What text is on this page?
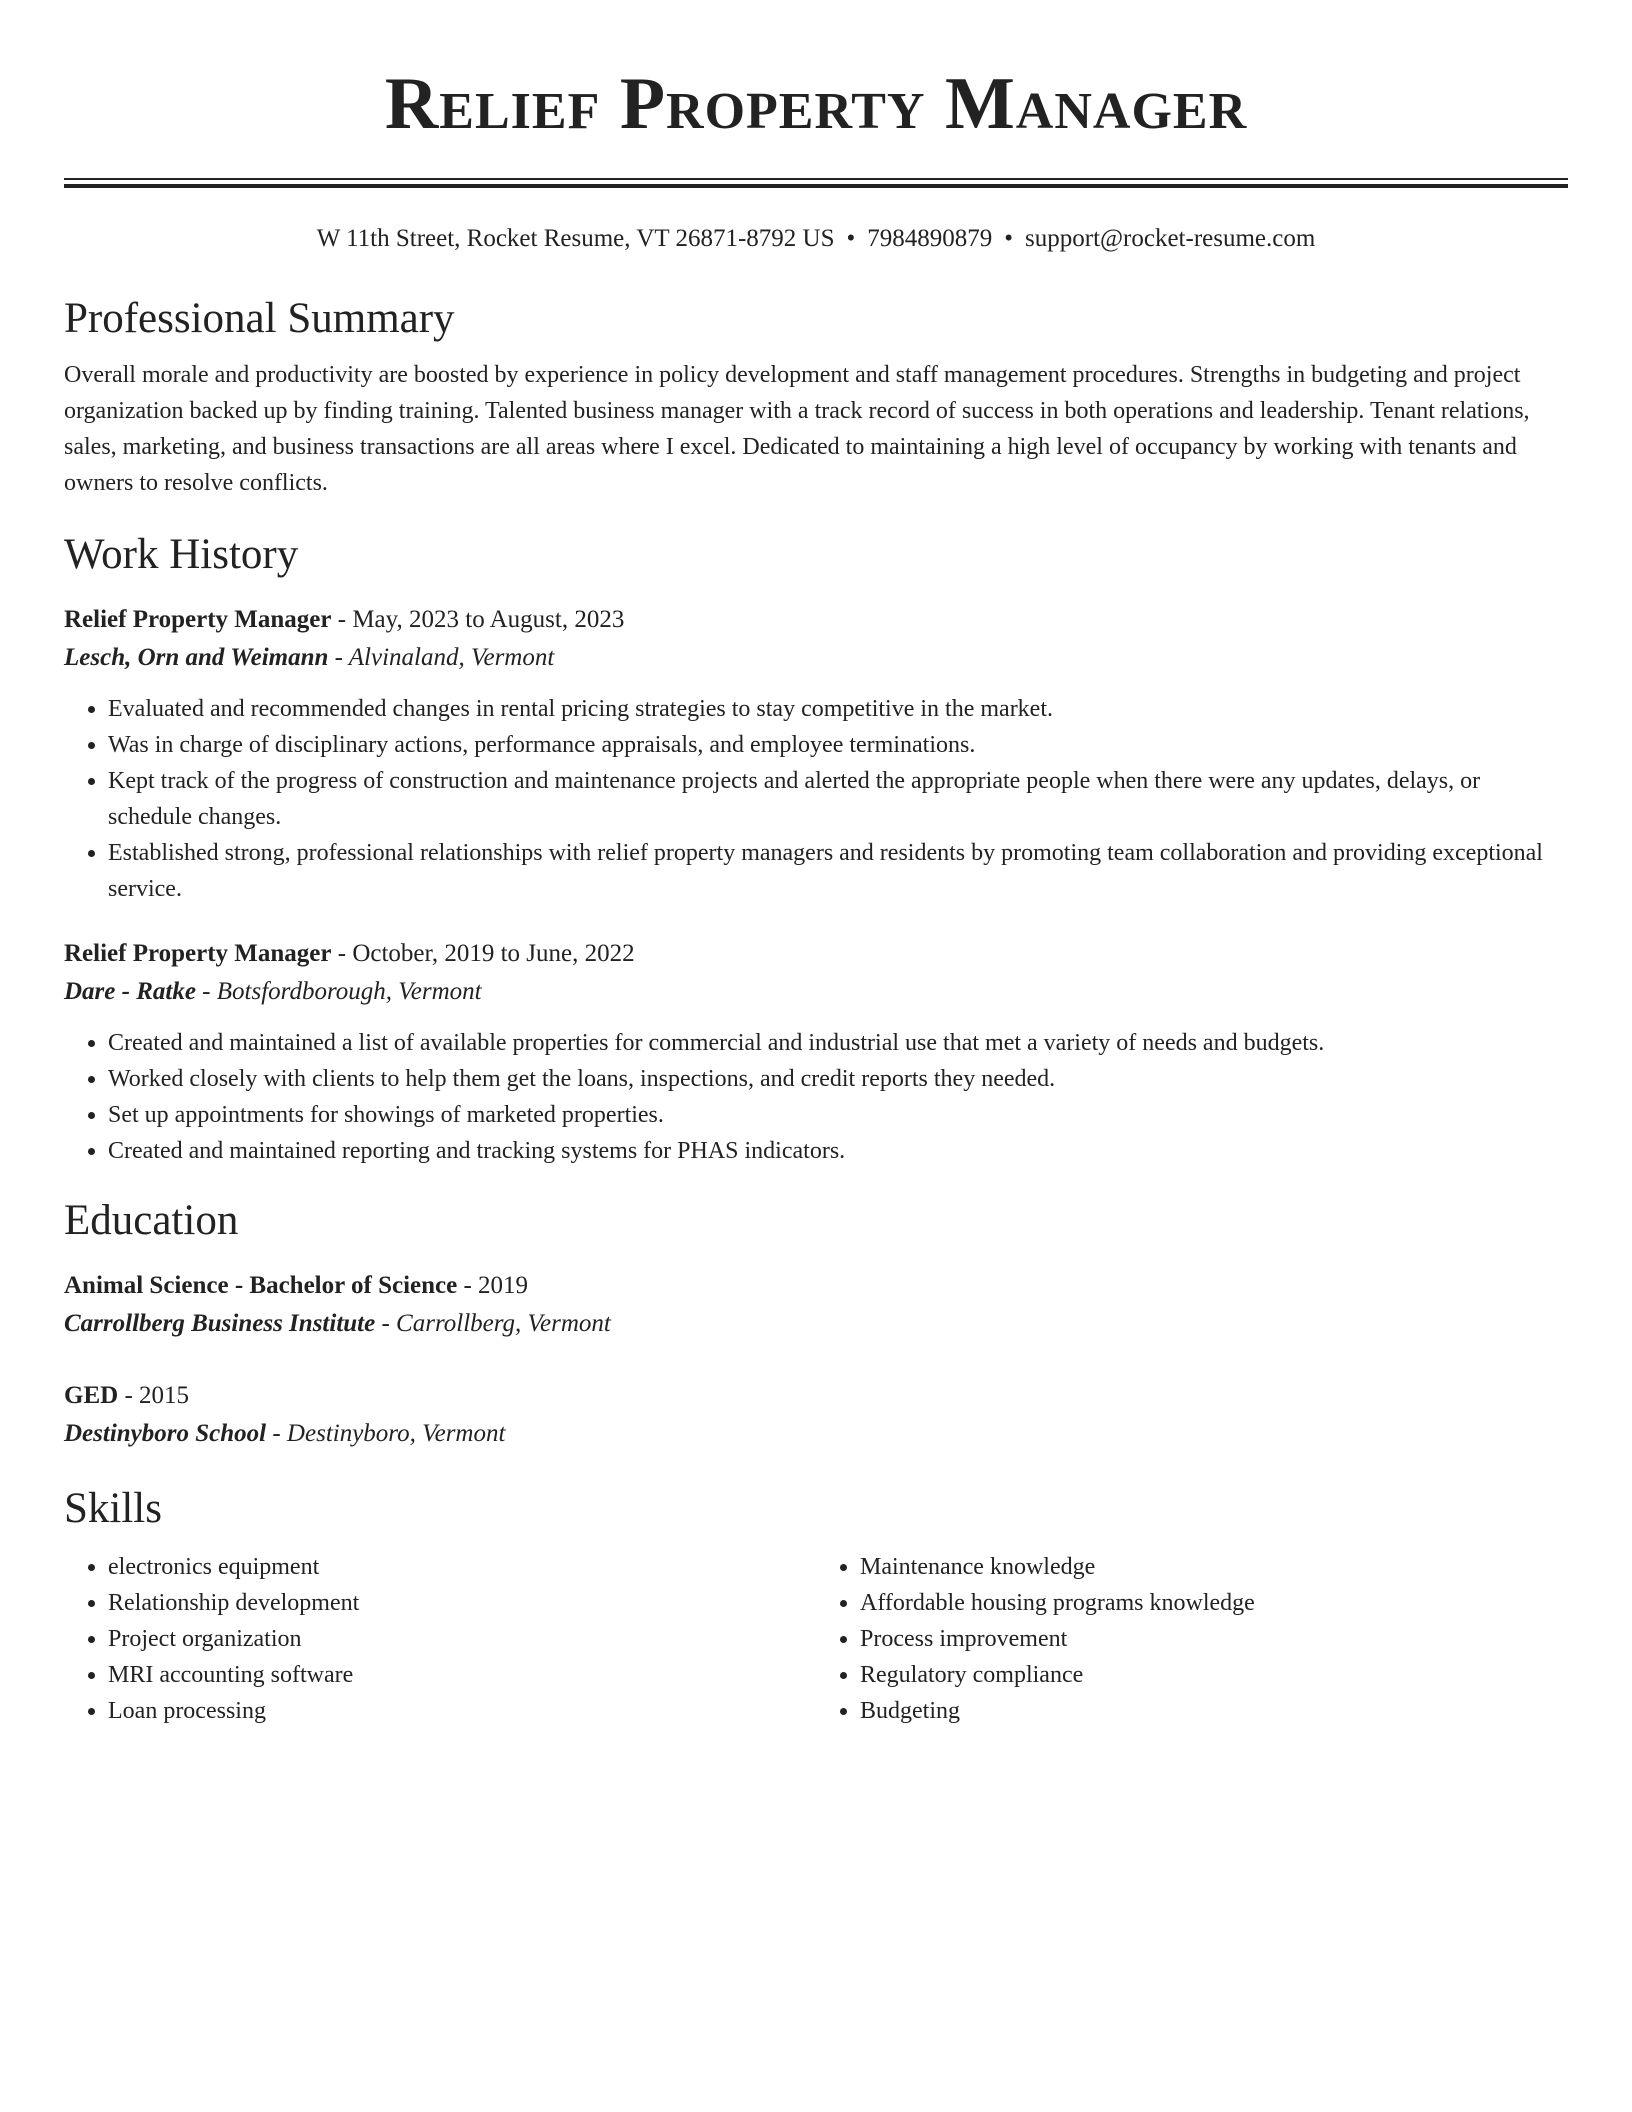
Relief Property Manager
W 11th Street, Rocket Resume, VT 26871-8792 US • 7984890879 • support@rocket-resume.com
Professional Summary
Overall morale and productivity are boosted by experience in policy development and staff management procedures. Strengths in budgeting and project organization backed up by finding training. Talented business manager with a track record of success in both operations and leadership. Tenant relations, sales, marketing, and business transactions are all areas where I excel. Dedicated to maintaining a high level of occupancy by working with tenants and owners to resolve conflicts.
Work History
Relief Property Manager - May, 2023 to August, 2023
Lesch, Orn and Weimann - Alvinaland, Vermont
• Evaluated and recommended changes in rental pricing strategies to stay competitive in the market.
• Was in charge of disciplinary actions, performance appraisals, and employee terminations.
• Kept track of the progress of construction and maintenance projects and alerted the appropriate people when there were any updates, delays, or schedule changes.
• Established strong, professional relationships with relief property managers and residents by promoting team collaboration and providing exceptional service.
Relief Property Manager - October, 2019 to June, 2022
Dare - Ratke - Botsfordborough, Vermont
• Created and maintained a list of available properties for commercial and industrial use that met a variety of needs and budgets.
• Worked closely with clients to help them get the loans, inspections, and credit reports they needed.
• Set up appointments for showings of marketed properties.
• Created and maintained reporting and tracking systems for PHAS indicators.
Education
Animal Science - Bachelor of Science - 2019
Carrollberg Business Institute - Carrollberg, Vermont
GED - 2015
Destinyboro School - Destinyboro, Vermont
Skills
• electronics equipment
• Relationship development
• Project organization
• MRI accounting software
• Loan processing
• Maintenance knowledge
• Affordable housing programs knowledge
• Process improvement
• Regulatory compliance
• Budgeting
